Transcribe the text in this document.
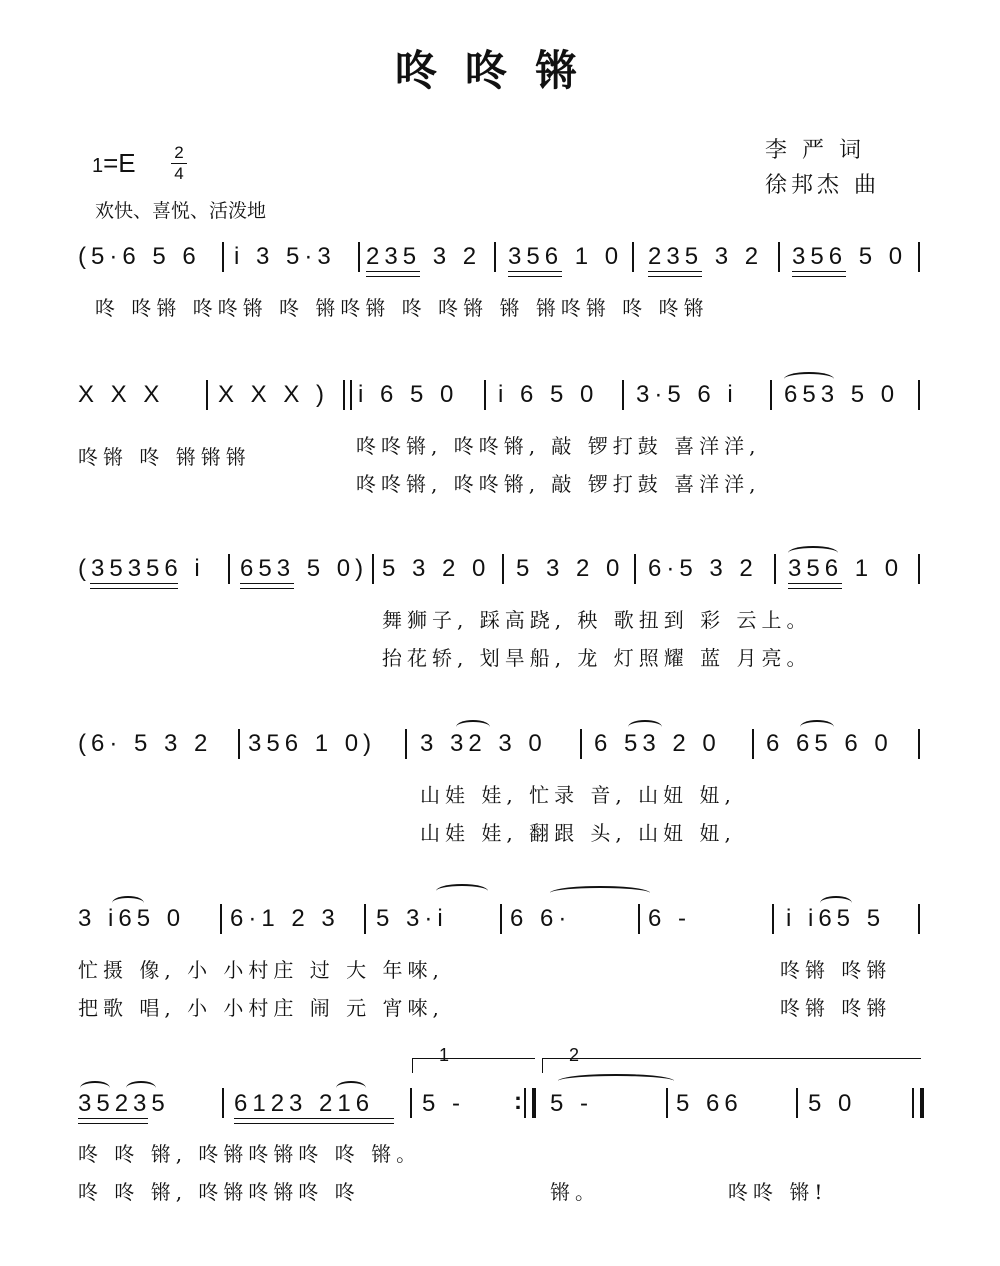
咚咚锵
1=E 2
4
欢快、喜悦、活泼地
李 严 词
徐邦杰 曲
(5·6 5 6 i 3 5·3 235 3 2 356 1 0 235 3 2 356 5 0
咚 咚锵 咚咚锵 咚 锵咚锵 咚 咚锵 锵 锵咚锵 咚 咚锵
X X X X X X ) i 6 5 0 i 6 5 0 3·5 6 i 653 5 0
咚锵 咚 锵锵锵	咚咚锵, 咚咚锵, 敲 锣打鼓 喜洋洋,
咚咚锵, 咚咚锵, 敲 锣打鼓 喜洋洋,
(35356 i 653 5 0) 5 3 2 0 5 3 2 0 6·5 3 2 356 1 0
舞狮子, 踩高跷, 秧 歌扭到 彩 云上。
抬花轿, 划旱船, 龙 灯照耀 蓝 月亮。
(6· 5 3 2 356 1 0) 3 32 3 0 6 53 2 0 6 65 6 0
山娃 娃, 忙录 音, 山妞 妞,
山娃 娃, 翻跟 头, 山妞 妞,
3 i65 0 6·1 2 3 5 3·i	6 6·	6 -	i i65 5
忙摄 像, 小 小村庄 过 大 年唻,
把歌 唱, 小 小村庄 闹 元 宵唻,
咚锵 咚锵
咚锵 咚锵
1	2
35235	6123 216 5 - : 5 -	5 66	5 0
咚 咚 锵, 咚锵咚锵咚 咚 锵。
咚 咚 锵, 咚锵咚锵咚 咚	锵。	咚咚 锵!
